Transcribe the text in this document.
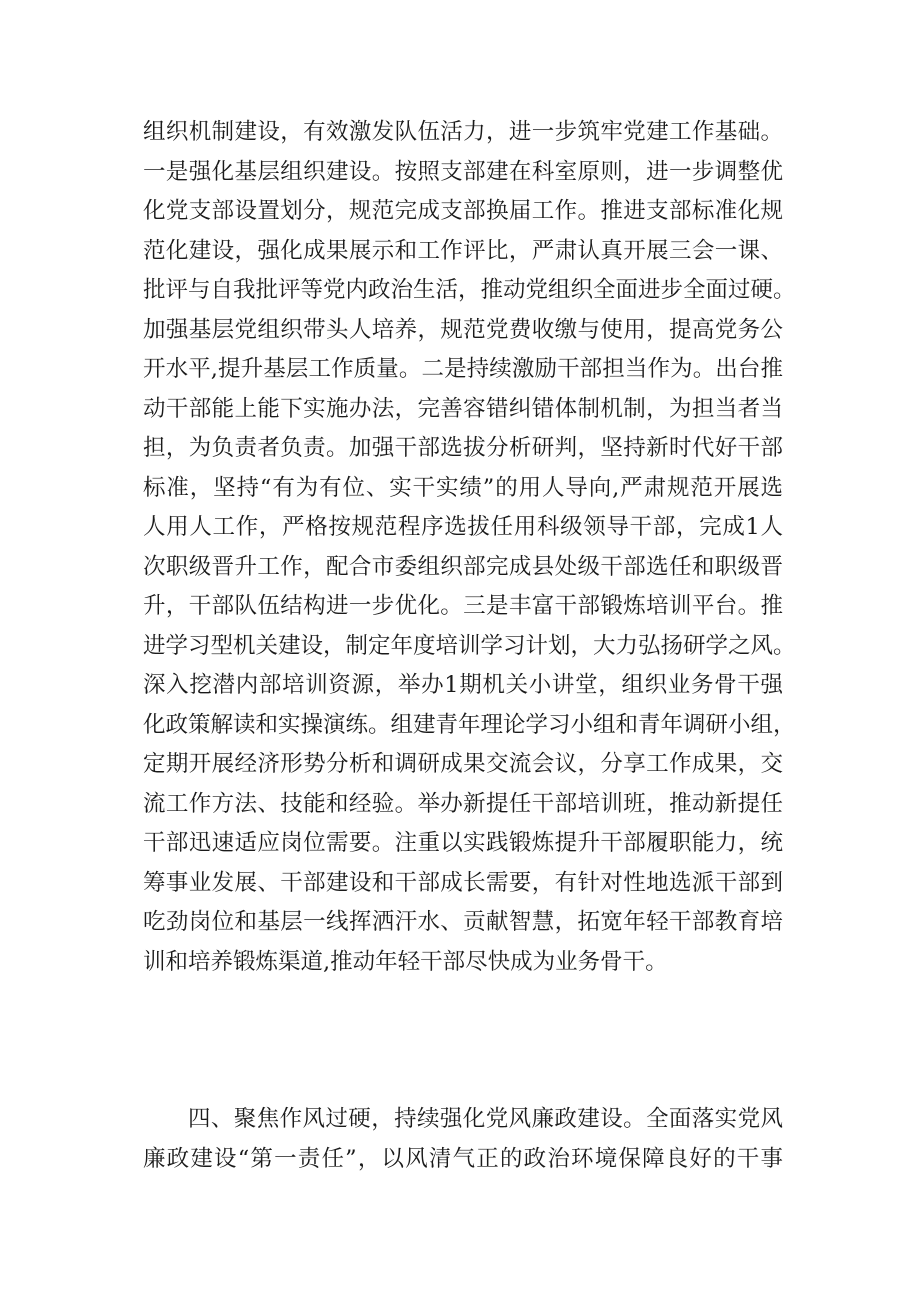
组织机制建设，有效激发队伍活力，进一步筑牢党建工作基础。
一是强化基层组织建设。按照支部建在科室原则，进一步调整优
化党支部设置划分，规范完成支部换届工作。推进支部标准化规
范化建设，强化成果展示和工作评比，严肃认真开展三会一课、
批评与自我批评等党内政治生活，推动党组织全面进步全面过硬。
加强基层党组织带头人培养，规范党费收缴与使用，提高党务公
开水平,提升基层工作质量。二是持续激励干部担当作为。出台推
动干部能上能下实施办法，完善容错纠错体制机制，为担当者当
担，为负责者负责。加强干部选拔分析研判，坚持新时代好干部
标准，坚持“有为有位、实干实绩”的用人导向,严肃规范开展选
人用人工作，严格按规范程序选拔任用科级领导干部，完成1人
次职级晋升工作，配合市委组织部完成县处级干部选任和职级晋
升，干部队伍结构进一步优化。三是丰富干部锻炼培训平台。推
进学习型机关建设，制定年度培训学习计划，大力弘扬研学之风。
深入挖潜内部培训资源，举办1期机关小讲堂，组织业务骨干强
化政策解读和实操演练。组建青年理论学习小组和青年调研小组，
定期开展经济形势分析和调研成果交流会议，分享工作成果，交
流工作方法、技能和经验。举办新提任干部培训班，推动新提任
干部迅速适应岗位需要。注重以实践锻炼提升干部履职能力，统
筹事业发展、干部建设和干部成长需要，有针对性地选派干部到
吃劲岗位和基层一线挥洒汗水、贡献智慧，拓宽年轻干部教育培
训和培养锻炼渠道,推动年轻干部尽快成为业务骨干。
四、聚焦作风过硬，持续强化党风廉政建设。全面落实党风
廉政建设“第一责任”，以风清气正的政治环境保障良好的干事
